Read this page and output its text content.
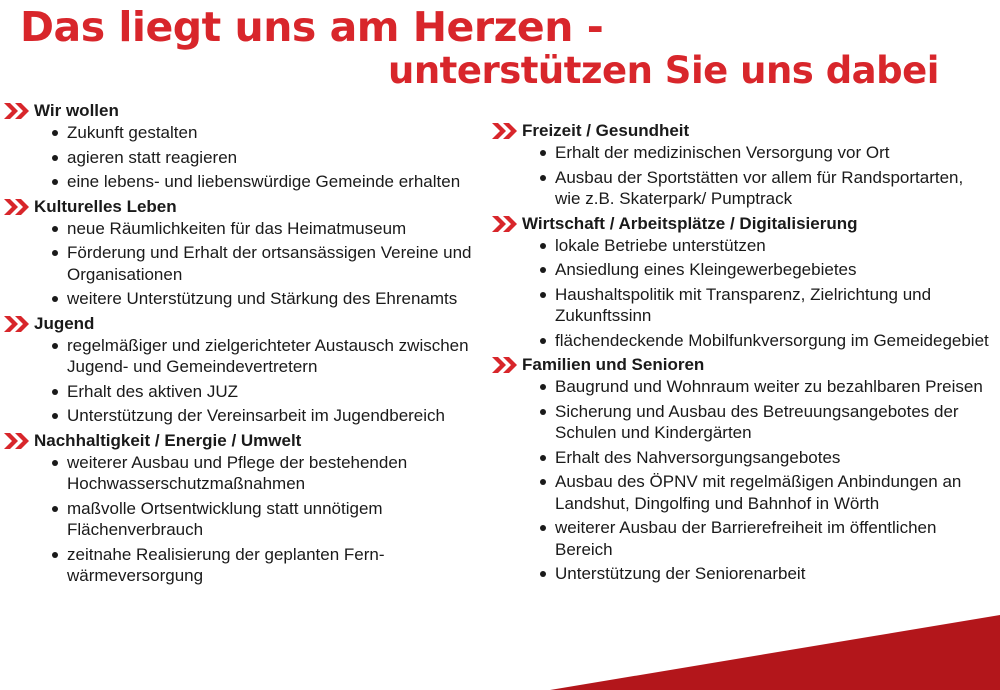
Das liegt uns am Herzen -
unterstützen Sie uns dabei
Wir wollen
Zukunft gestalten
agieren statt reagieren
eine lebens- und liebenswürdige Gemeinde erhalten
Kulturelles Leben
neue Räumlichkeiten für das Heimatmuseum
Förderung und Erhalt der ortsansässigen Vereine und Organisationen
weitere Unterstützung und Stärkung des Ehrenamts
Jugend
regelmäßiger und zielgerichteter Austausch zwischen Jugend- und Gemeindevertretern
Erhalt des aktiven JUZ
Unterstützung der Vereinsarbeit im Jugendbereich
Nachhaltigkeit / Energie / Umwelt
weiterer Ausbau und Pflege der bestehenden Hochwasserschutzmaßnahmen
maßvolle Ortsentwicklung statt unnötigem Flächenverbrauch
zeitnahe Realisierung der geplanten Fern-wärmeversorgung
Freizeit / Gesundheit
Erhalt der medizinischen Versorgung vor Ort
Ausbau der Sportstätten vor allem für Randsportarten, wie z.B. Skaterpark/ Pumptrack
Wirtschaft / Arbeitsplätze / Digitalisierung
lokale Betriebe unterstützen
Ansiedlung eines Kleingewerbegebietes
Haushaltspolitik mit Transparenz, Zielrichtung und Zukunftssinn
flächendeckende Mobilfunkversorgung im Gemeidegebiet
Familien und Senioren
Baugrund und Wohnraum weiter zu bezahlbaren Preisen
Sicherung und Ausbau des Betreuungsangebotes der Schulen und Kindergärten
Erhalt des Nahversorgungsangebotes
Ausbau des ÖPNV mit regelmäßigen Anbindungen an Landshut, Dingolfing und Bahnhof in Wörth
weiterer Ausbau der Barrierefreiheit im öffentlichen Bereich
Unterstützung der Seniorenarbeit
